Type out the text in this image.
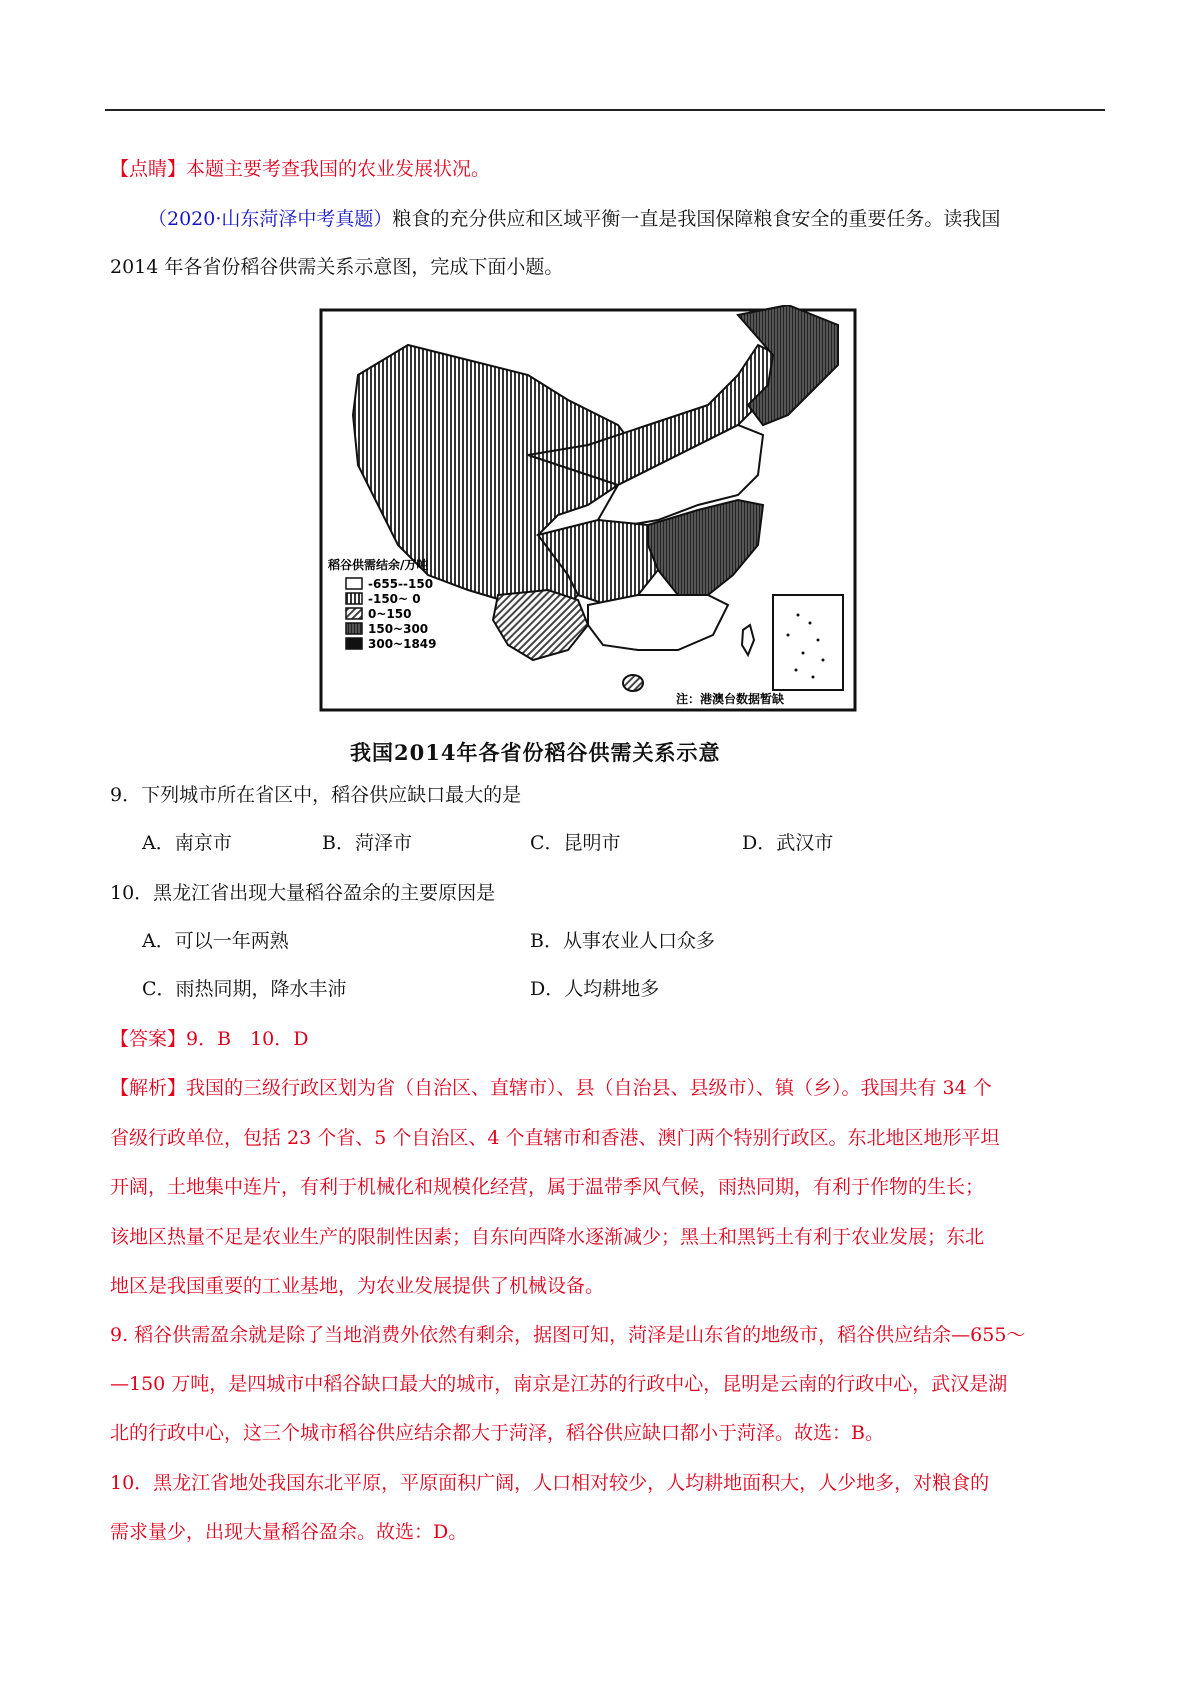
【点睛】本题主要考查我国的农业发展状况。
（2020·山东菏泽中考真题）粮食的充分供应和区域平衡一直是我国保障粮食安全的重要任务。读我国
2014 年各省份稻谷供需关系示意图，完成下面小题。
稻谷供需结余/万吨
-655--150
-150~ 0
0~150
150~300
300~1849
注：港澳台数据暂缺
我国2014年各省份稻谷供需关系示意
9．下列城市所在省区中，稻谷供应缺口最大的是
A．南京市	B．菏泽市	C．昆明市	D．武汉市
10．黑龙江省出现大量稻谷盈余的主要原因是
A．可以一年两熟	B．从事农业人口众多
C．雨热同期，降水丰沛	D．人均耕地多
【答案】9．B　10．D
【解析】我国的三级行政区划为省（自治区、直辖市）、县（自治县、县级市）、镇（乡）。我国共有 34 个
省级行政单位，包括 23 个省、5 个自治区、4 个直辖市和香港、澳门两个特别行政区。东北地区地形平坦
开阔，土地集中连片，有利于机械化和规模化经营，属于温带季风气候，雨热同期，有利于作物的生长；
该地区热量不足是农业生产的限制性因素；自东向西降水逐渐减少；黑土和黑钙土有利于农业发展；东北
地区是我国重要的工业基地，为农业发展提供了机械设备。
9. 稻谷供需盈余就是除了当地消费外依然有剩余，据图可知，菏泽是山东省的地级市，稻谷供应结余—655～
—150 万吨，是四城市中稻谷缺口最大的城市，南京是江苏的行政中心，昆明是云南的行政中心，武汉是湖
北的行政中心，这三个城市稻谷供应结余都大于菏泽，稻谷供应缺口都小于菏泽。故选：B。
10．黑龙江省地处我国东北平原，平原面积广阔，人口相对较少，人均耕地面积大，人少地多，对粮食的
需求量少，出现大量稻谷盈余。故选：D。
